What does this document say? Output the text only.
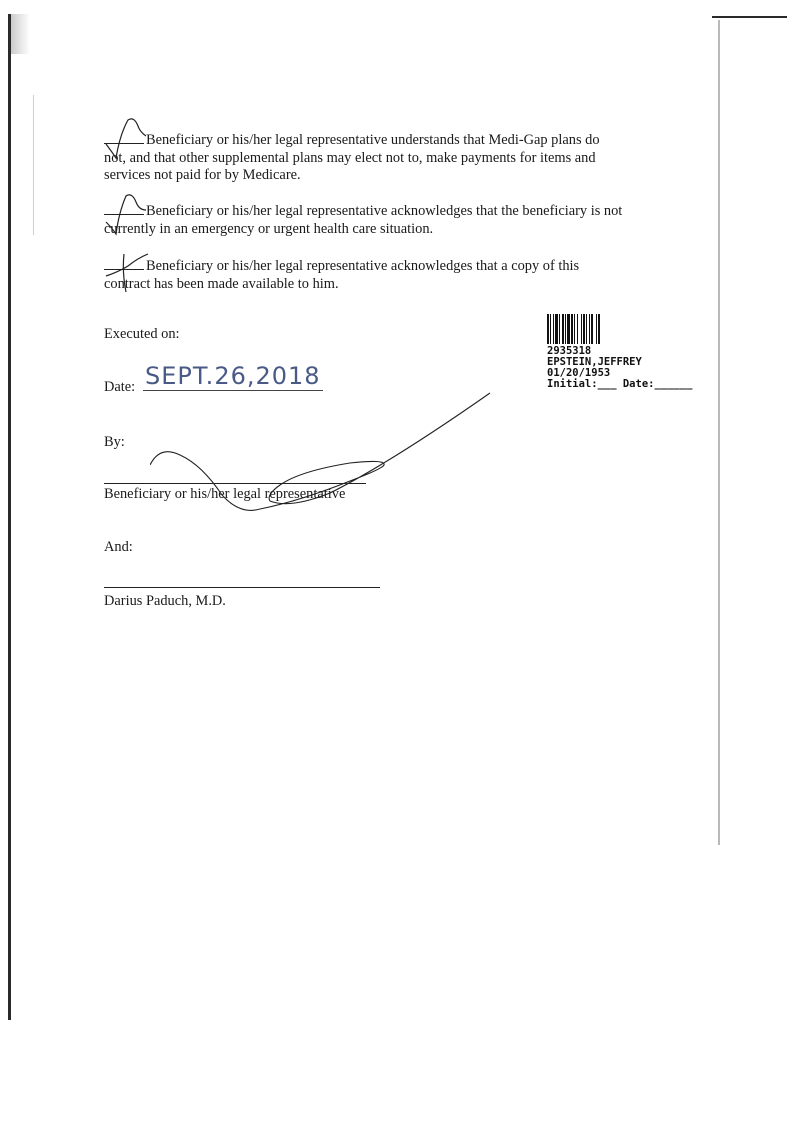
Beneficiary or his/her legal representative understands that Medi-Gap plans do
not, and that other supplemental plans may elect not to, make payments for items and
services not paid for by Medicare.
Beneficiary or his/her legal representative acknowledges that the beneficiary is not
currently in an emergency or urgent health care situation.
Beneficiary or his/her legal representative acknowledges that a copy of this
contract has been made available to him.
Executed on:
Date: SEPT.26,2018
By:
Beneficiary or his/her legal representative
And:
Darius Paduch, M.D.
2935318
EPSTEIN,JEFFREY
01/20/1953
Initial:___ Date:______
